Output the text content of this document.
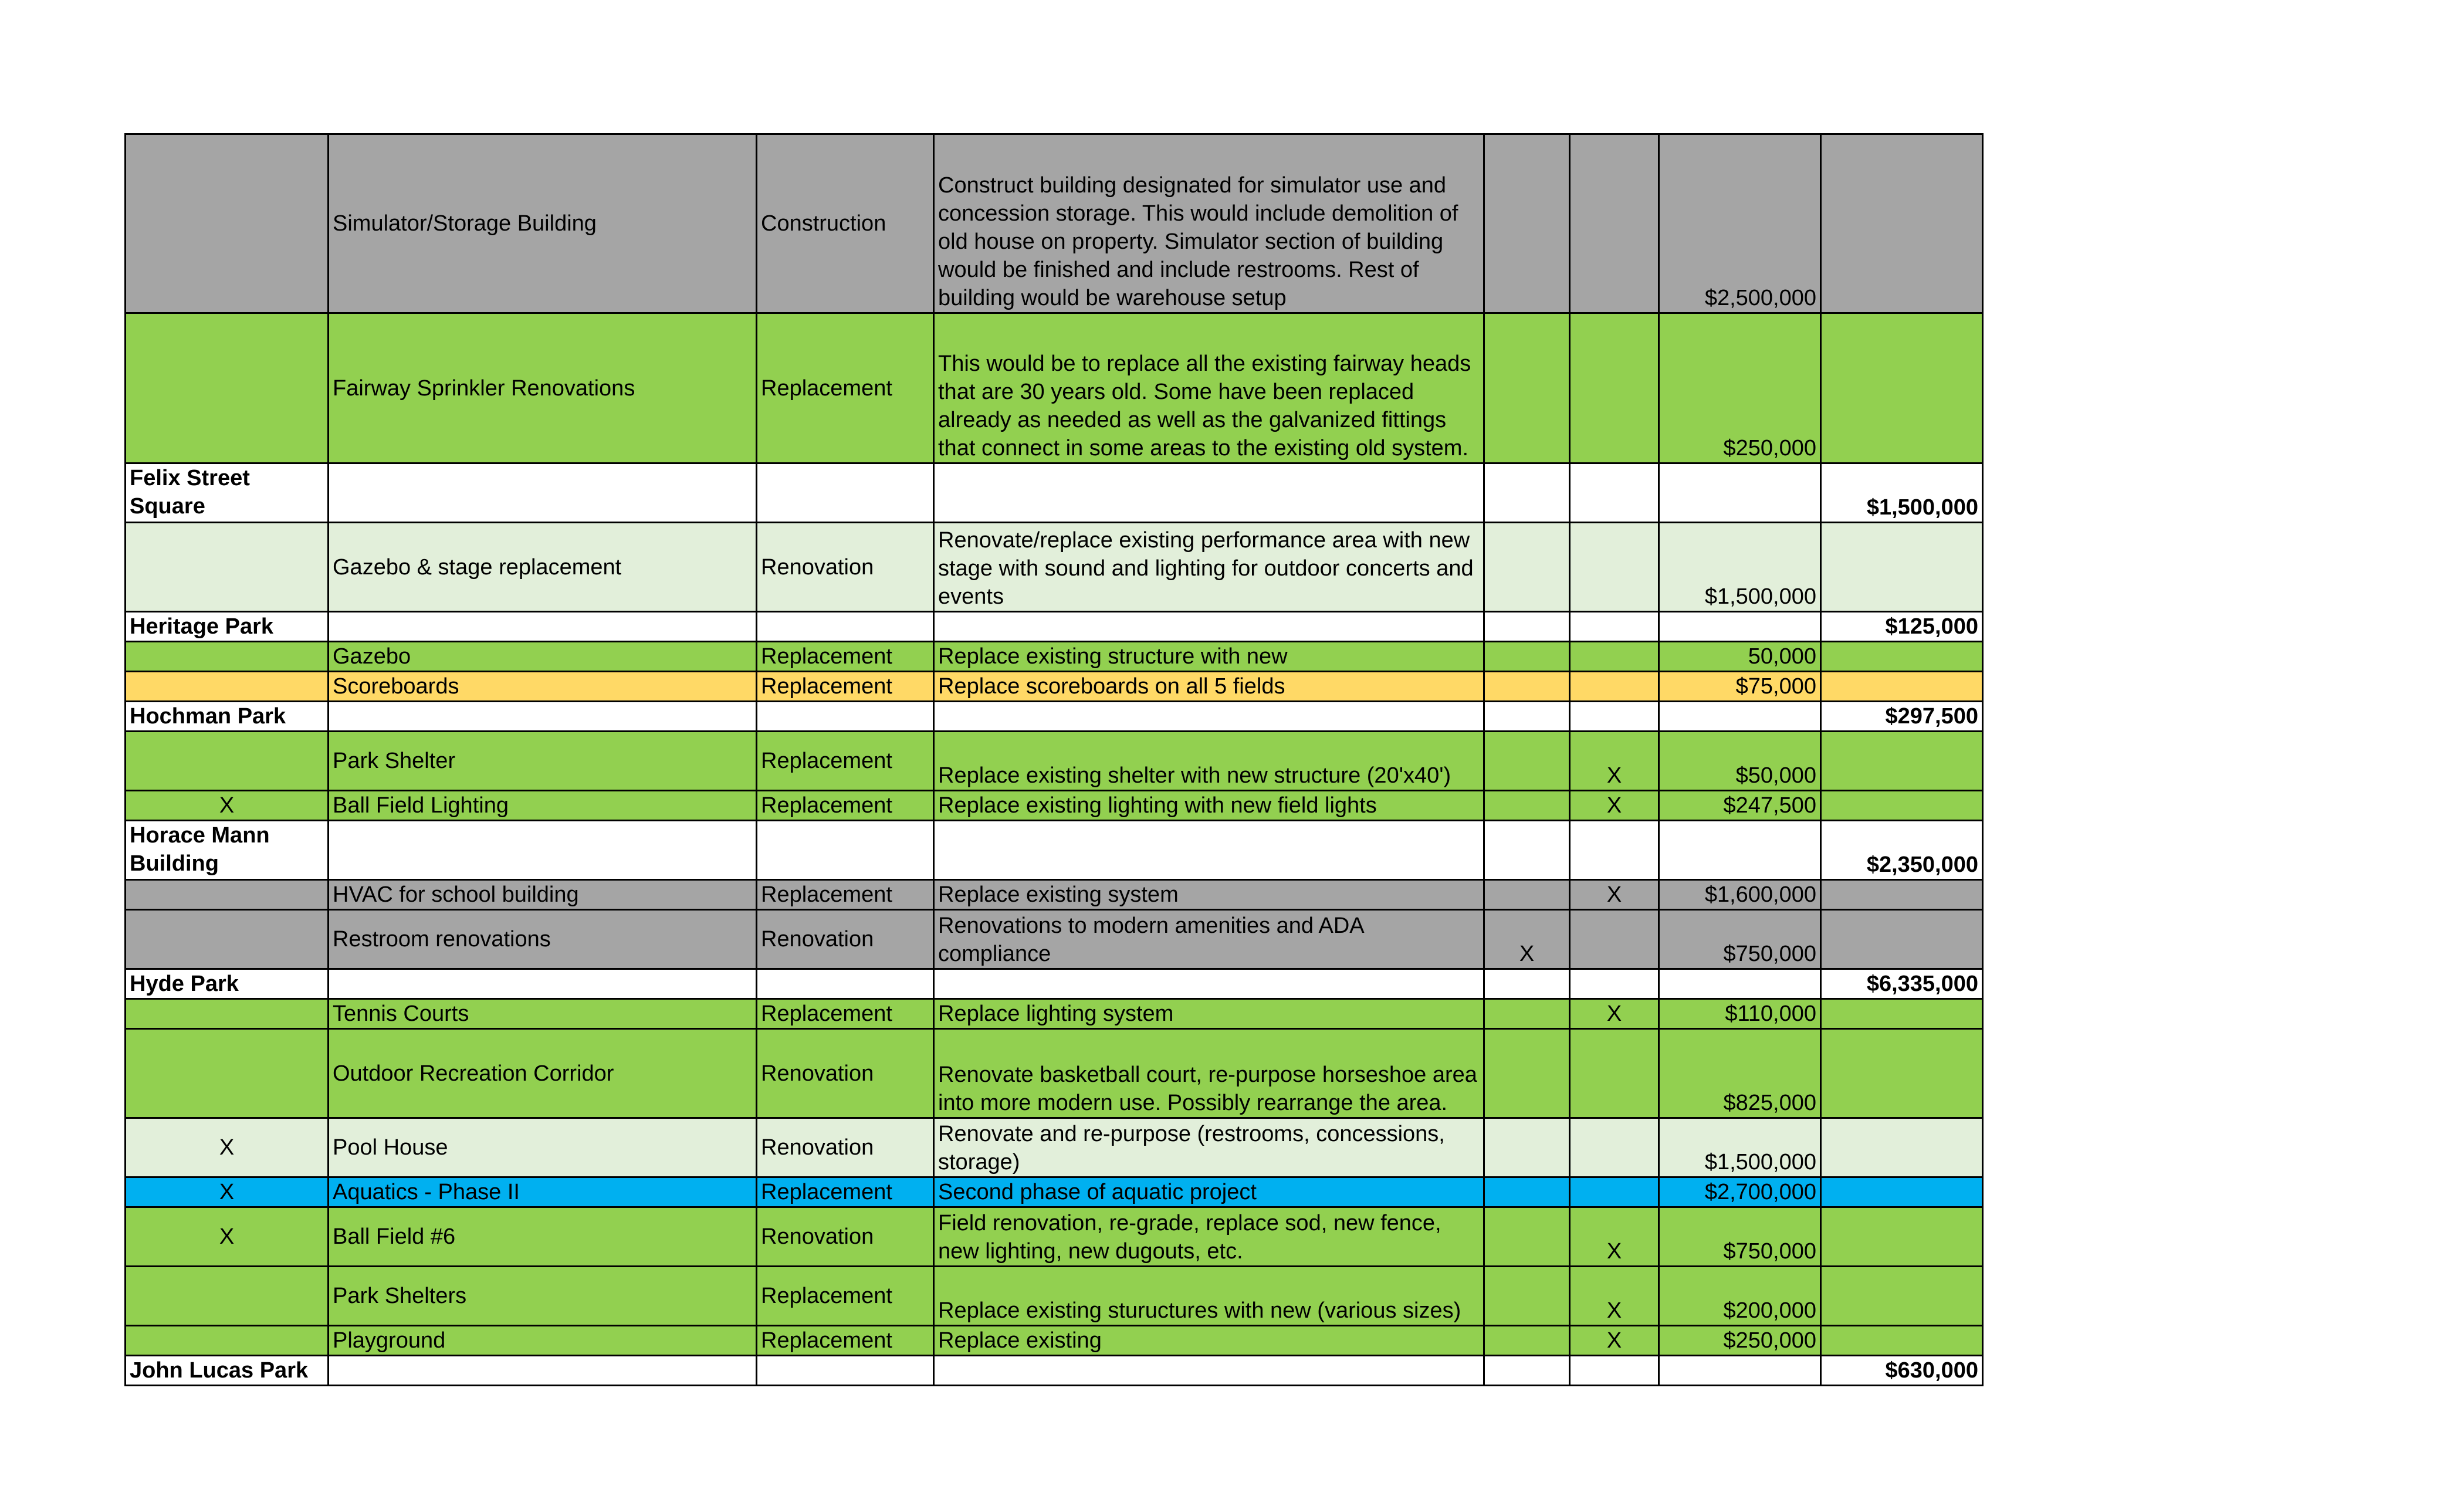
	Simulator/Storage Building	Construction	Construct building designated for simulator use and concession storage. This would include demolition of old house on property. Simulator section of building would be finished and include restrooms. Rest of building would be warehouse setup			$2,500,000	
	Fairway Sprinkler Renovations	Replacement	This would be to replace all the existing fairway heads that are 30 years old. Some have been replaced already as needed as well as the galvanized fittings that connect in some areas to the existing old system.			$250,000	
Felix Street Square							$1,500,000
	Gazebo & stage replacement	Renovation	Renovate/replace existing performance area with new stage with sound and lighting for outdoor concerts and events			$1,500,000	
Heritage Park							$125,000
	Gazebo	Replacement	Replace existing structure with new			50,000	
	Scoreboards	Replacement	Replace scoreboards on all 5 fields			$75,000	
Hochman Park							$297,500
	Park Shelter	Replacement	Replace existing shelter with new structure (20'x40')		X	$50,000	
X	Ball Field Lighting	Replacement	Replace existing lighting with new field lights		X	$247,500	
Horace Mann Building							$2,350,000
	HVAC for school building	Replacement	Replace existing system		X	$1,600,000	
	Restroom renovations	Renovation	Renovations to modern amenities and ADA compliance	X		$750,000	
Hyde Park							$6,335,000
	Tennis Courts	Replacement	Replace lighting system		X	$110,000	
	Outdoor Recreation Corridor	Renovation	Renovate basketball court, re-purpose horseshoe area into more modern use. Possibly rearrange the area.			$825,000	
X	Pool House	Renovation	Renovate and re-purpose (restrooms, concessions, storage)			$1,500,000	
X	Aquatics - Phase II	Replacement	Second phase of aquatic project			$2,700,000	
X	Ball Field #6	Renovation	Field renovation, re-grade, replace sod, new fence, new lighting, new dugouts, etc.		X	$750,000	
	Park Shelters	Replacement	Replace existing stuructures with new (various sizes)		X	$200,000	
	Playground	Replacement	Replace existing		X	$250,000	
John Lucas Park							$630,000
